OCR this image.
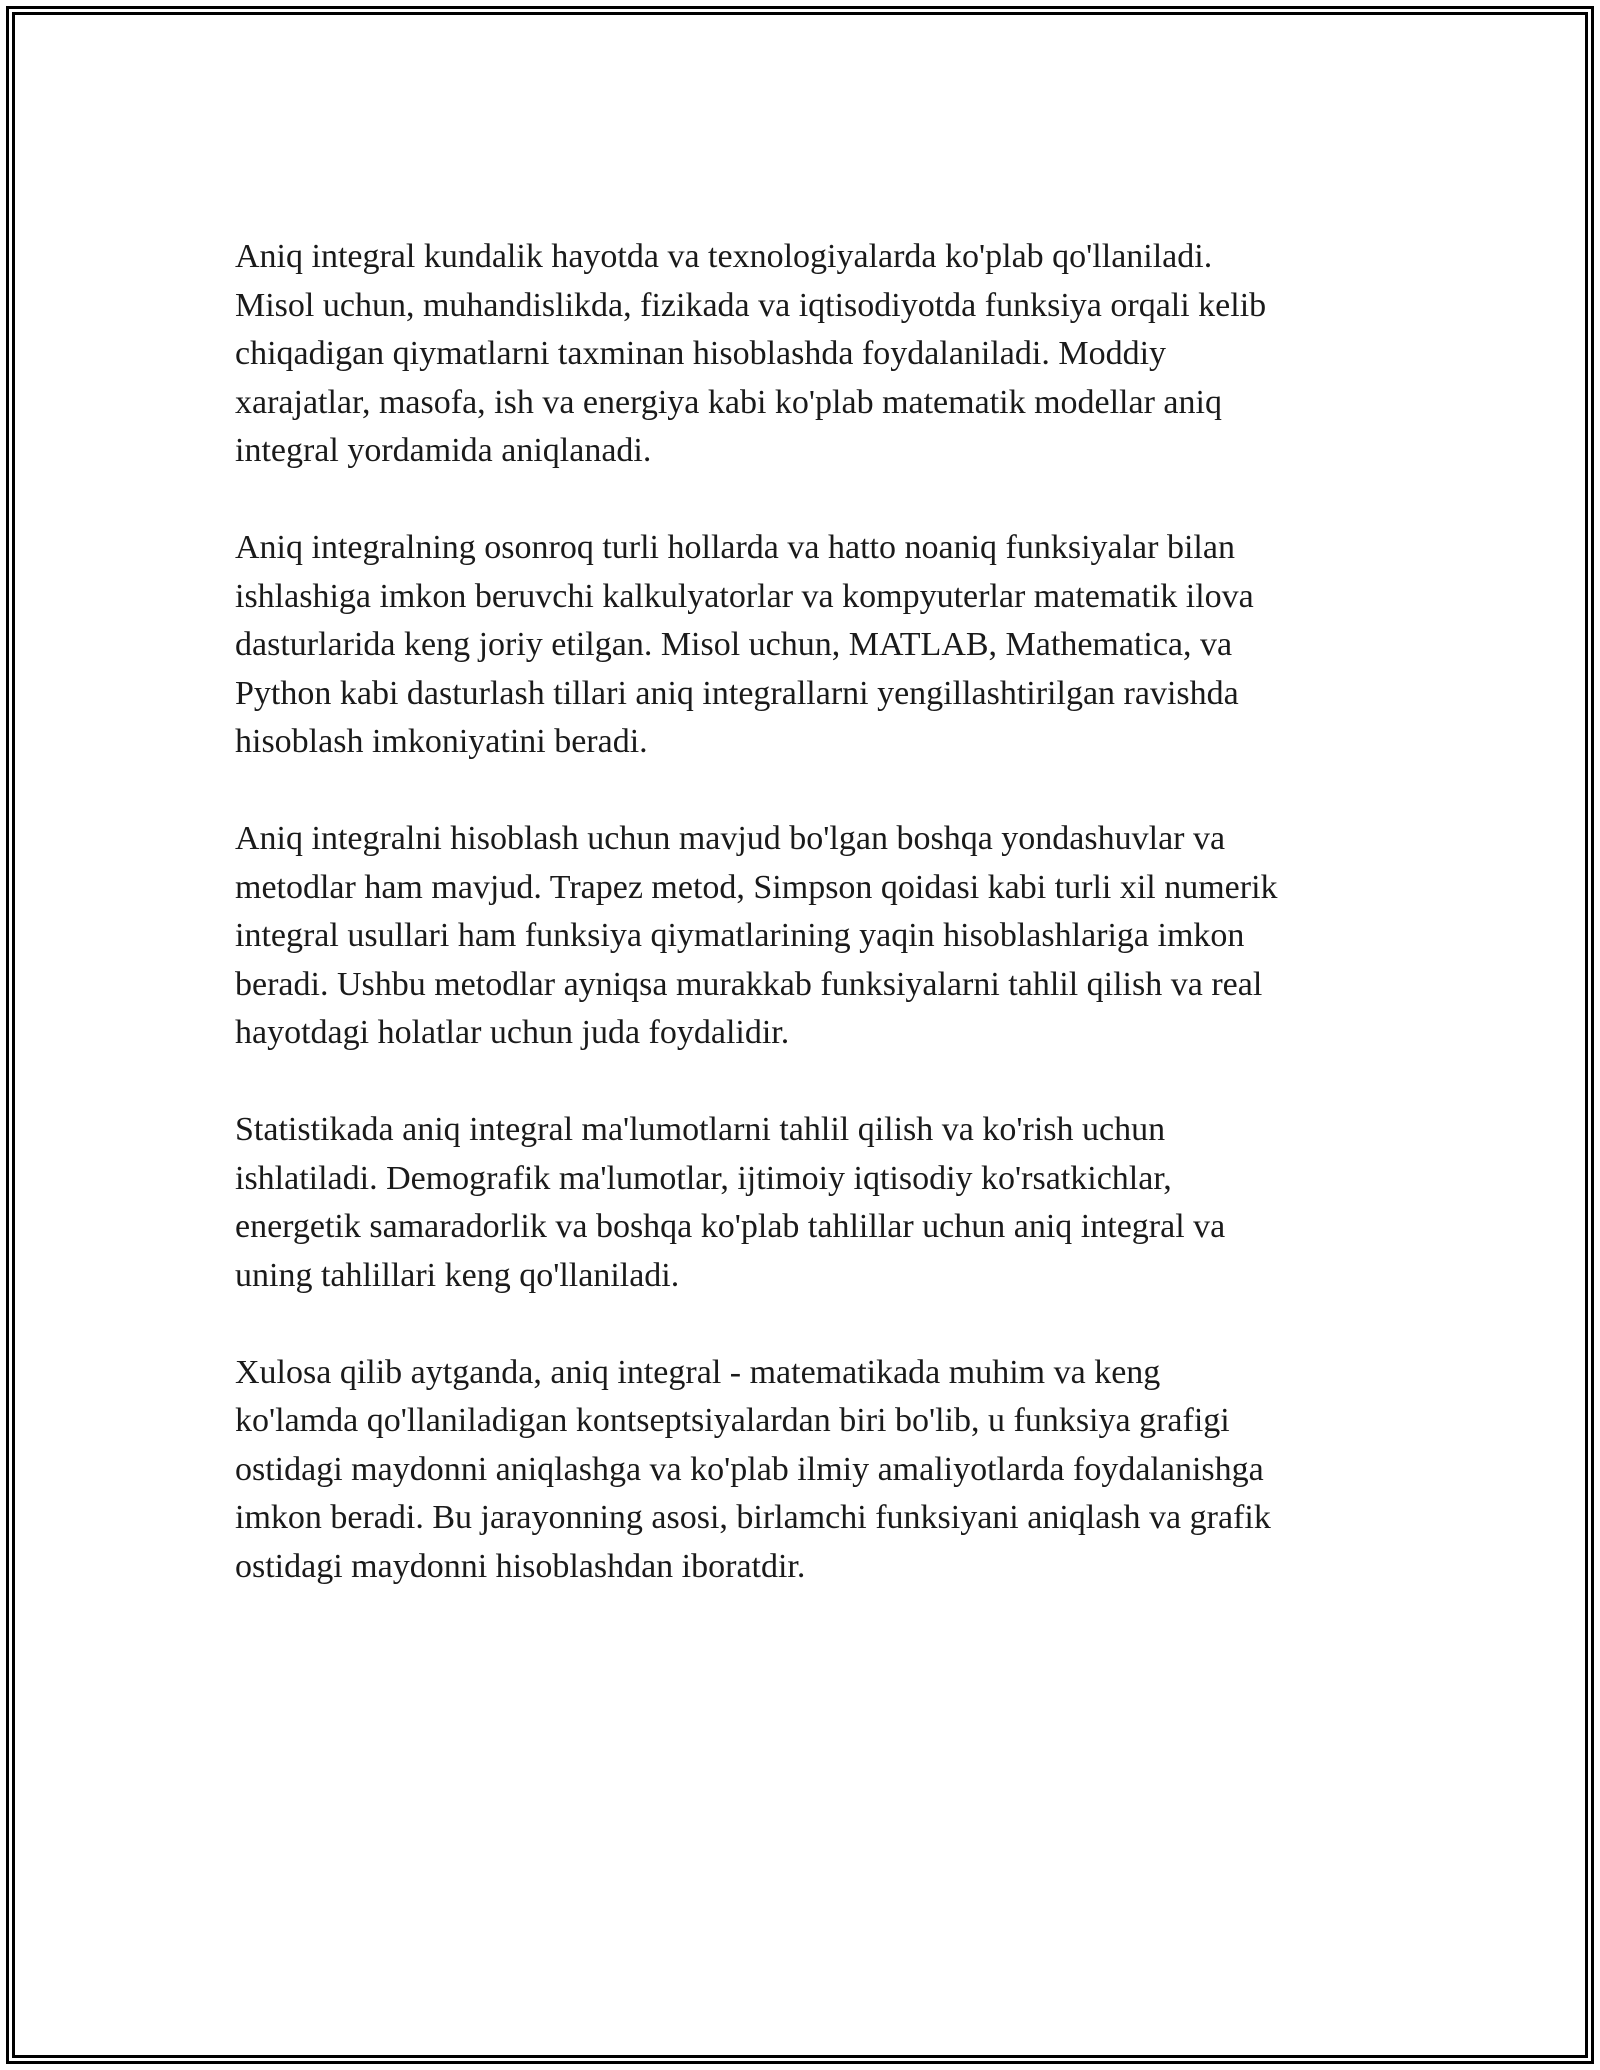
Aniq integral kundalik hayotda va texnologiyalarda ko'plab qo'llaniladi.
Misol uchun, muhandislikda, fizikada va iqtisodiyotda funksiya orqali kelib
chiqadigan qiymatlarni taxminan hisoblashda foydalaniladi. Moddiy
xarajatlar, masofa, ish va energiya kabi ko'plab matematik modellar aniq
integral yordamida aniqlanadi.

Aniq integralning osonroq turli hollarda va hatto noaniq funksiyalar bilan
ishlashiga imkon beruvchi kalkulyatorlar va kompyuterlar matematik ilova
dasturlarida keng joriy etilgan. Misol uchun, MATLAB, Mathematica, va
Python kabi dasturlash tillari aniq integrallarni yengillashtirilgan ravishda
hisoblash imkoniyatini beradi.

Aniq integralni hisoblash uchun mavjud bo'lgan boshqa yondashuvlar va
metodlar ham mavjud. Trapez metod, Simpson qoidasi kabi turli xil numerik
integral usullari ham funksiya qiymatlarining yaqin hisoblashlariga imkon
beradi. Ushbu metodlar ayniqsa murakkab funksiyalarni tahlil qilish va real
hayotdagi holatlar uchun juda foydalidir.

Statistikada aniq integral ma'lumotlarni tahlil qilish va ko'rish uchun
ishlatiladi. Demografik ma'lumotlar, ijtimoiy iqtisodiy ko'rsatkichlar,
energetik samaradorlik va boshqa ko'plab tahlillar uchun aniq integral va
uning tahlillari keng qo'llaniladi.

Xulosa qilib aytganda, aniq integral - matematikada muhim va keng
ko'lamda qo'llaniladigan kontseptsiyalardan biri bo'lib, u funksiya grafigi
ostidagi maydonni aniqlashga va ko'plab ilmiy amaliyotlarda foydalanishga
imkon beradi. Bu jarayonning asosi, birlamchi funksiyani aniqlash va grafik
ostidagi maydonni hisoblashdan iboratdir.
